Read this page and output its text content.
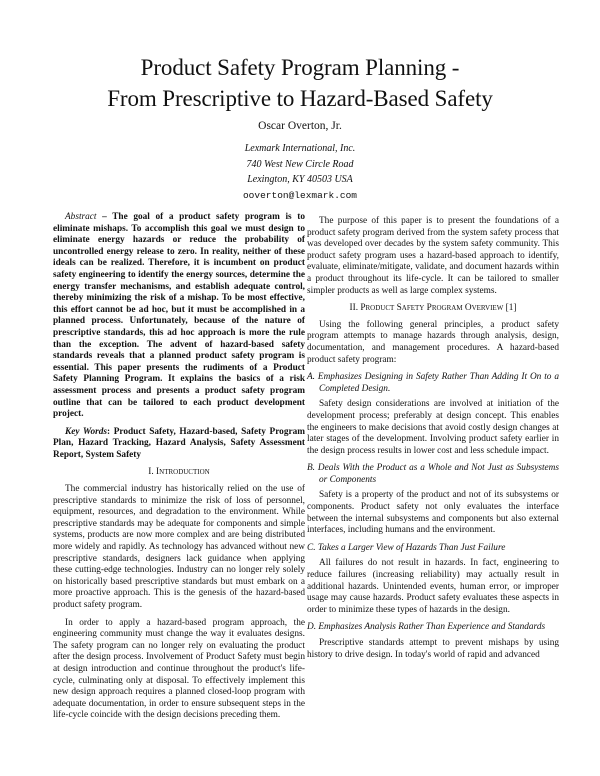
Product Safety Program Planning -
From Prescriptive to Hazard-Based Safety
Oscar Overton, Jr.
Lexmark International, Inc.
740 West New Circle Road
Lexington, KY 40503 USA
ooverton@lexmark.com

Abstract – The goal of a product safety program is to eliminate mishaps. To accomplish this goal we must design to eliminate energy hazards or reduce the probability of uncontrolled energy release to zero. In reality, neither of these ideals can be realized. Therefore, it is incumbent on product safety engineering to identify the energy sources, determine the energy transfer mechanisms, and establish adequate control, thereby minimizing the risk of a mishap. To be most effective, this effort cannot be ad hoc, but it must be accomplished in a planned process. Unfortunately, because of the nature of prescriptive standards, this ad hoc approach is more the rule than the exception. The advent of hazard-based safety standards reveals that a planned product safety program is essential. This paper presents the rudiments of a Product Safety Planning Program. It explains the basics of a risk assessment process and presents a product safety program outline that can be tailored to each product development project.

Key Words: Product Safety, Hazard-based, Safety Program Plan, Hazard Tracking, Hazard Analysis, Safety Assessment Report, System Safety

I. Introduction

The commercial industry has historically relied on the use of prescriptive standards to minimize the risk of loss of personnel, equipment, resources, and degradation to the environment. While prescriptive standards may be adequate for components and simple systems, products are now more complex and are being distributed more widely and rapidly. As technology has advanced without new prescriptive standards, designers lack guidance when applying these cutting-edge technologies. Industry can no longer rely solely on historically based prescriptive standards but must embark on a more proactive approach. This is the genesis of the hazard-based product safety program.

In order to apply a hazard-based program approach, the engineering community must change the way it evaluates designs. The safety program can no longer rely on evaluating the product after the design process. Involvement of Product Safety must begin at design introduction and continue throughout the product's life-cycle, culminating only at disposal. To effectively implement this new design approach requires a planned closed-loop program with adequate documentation, in order to ensure subsequent steps in the life-cycle coincide with the design decisions preceding them.

The purpose of this paper is to present the foundations of a product safety program derived from the system safety process that was developed over decades by the system safety community. This product safety program uses a hazard-based approach to identify, evaluate, eliminate/mitigate, validate, and document hazards within a product throughout its life-cycle. It can be tailored to smaller simpler products as well as large complex systems.

II. Product Safety Program Overview [1]

Using the following general principles, a product safety program attempts to manage hazards through analysis, design, documentation, and management procedures. A hazard-based product safety program:

A. Emphasizes Designing in Safety Rather Than Adding It On to a Completed Design.

Safety design considerations are involved at initiation of the development process; preferably at design concept. This enables the engineers to make decisions that avoid costly design changes at later stages of the development. Involving product safety earlier in the design process results in lower cost and less schedule impact.

B. Deals With the Product as a Whole and Not Just as Subsystems or Components

Safety is a property of the product and not of its subsystems or components. Product safety not only evaluates the interface between the internal subsystems and components but also external interfaces, including humans and the environment.

C. Takes a Larger View of Hazards Than Just Failure

All failures do not result in hazards. In fact, engineering to reduce failures (increasing reliability) may actually result in additional hazards. Unintended events, human error, or improper usage may cause hazards. Product safety evaluates these aspects in order to minimize these types of hazards in the design.

D. Emphasizes Analysis Rather Than Experience and Standards

Prescriptive standards attempt to prevent mishaps by using history to drive design. In today's world of rapid and advanced
